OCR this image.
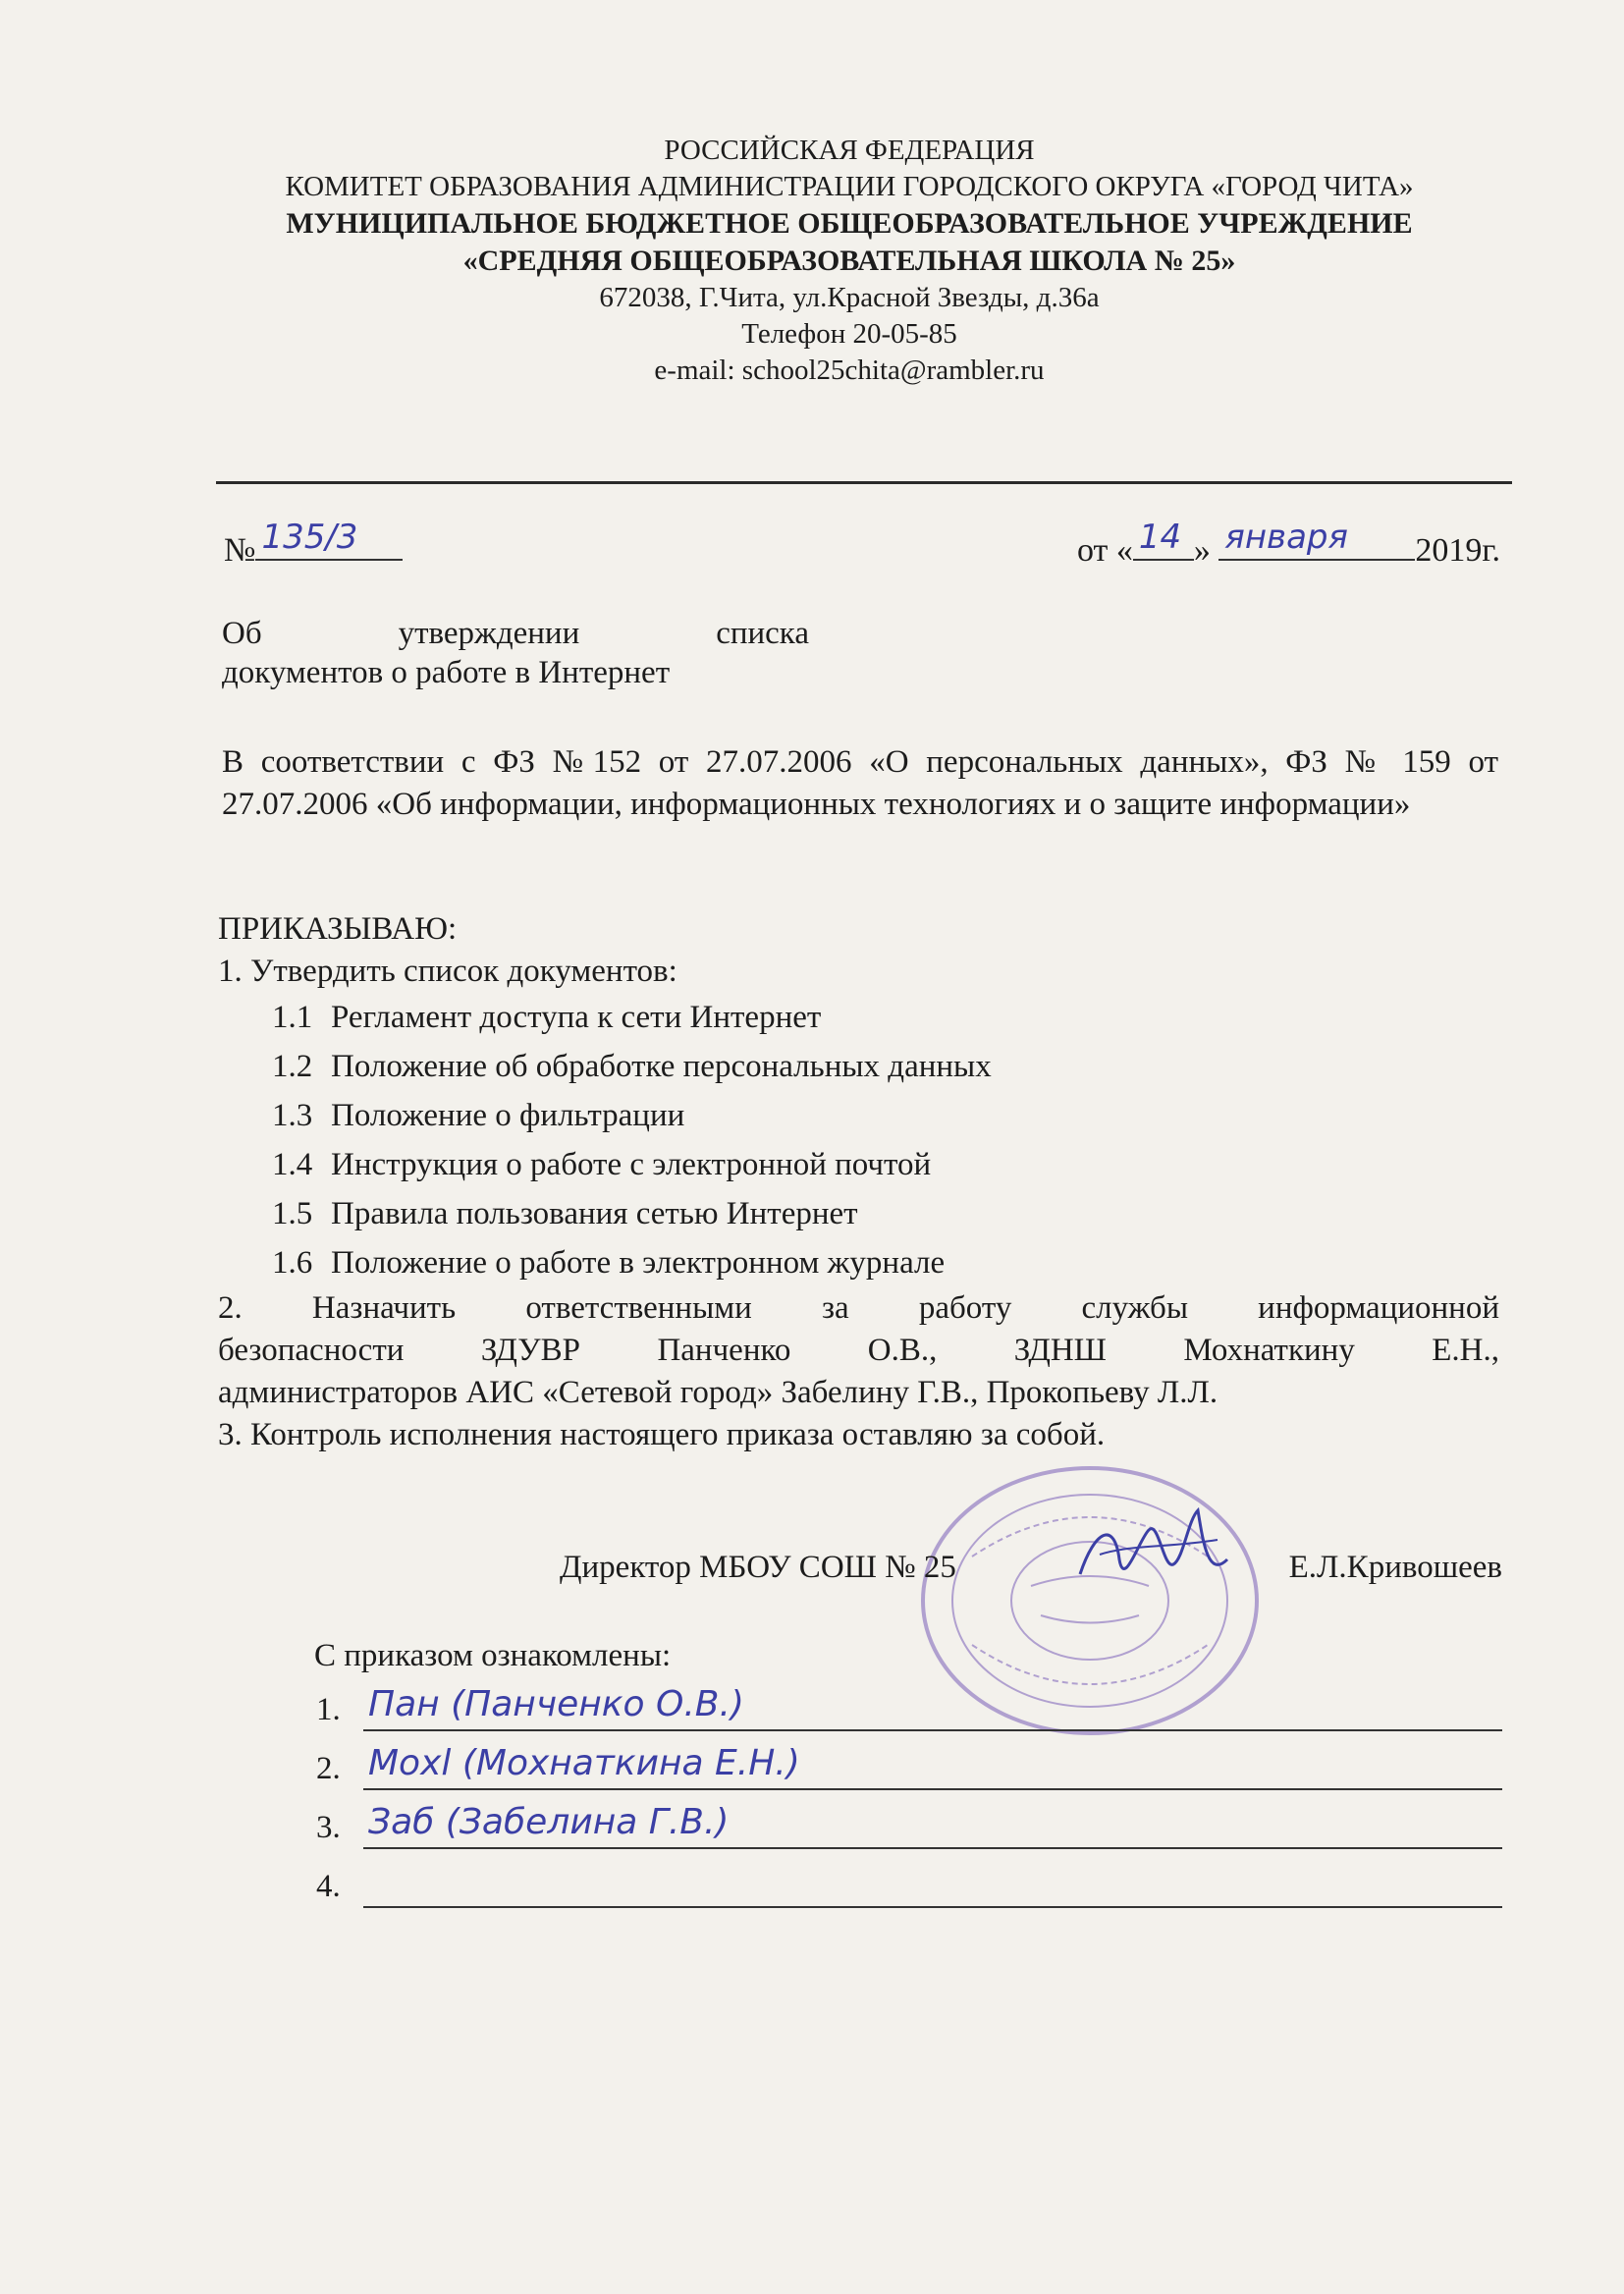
РОССИЙСКАЯ ФЕДЕРАЦИЯ
КОМИТЕТ ОБРАЗОВАНИЯ АДМИНИСТРАЦИИ ГОРОДСКОГО ОКРУГА «ГОРОД ЧИТА»
МУНИЦИПАЛЬНОЕ БЮДЖЕТНОЕ ОБЩЕОБРАЗОВАТЕЛЬНОЕ УЧРЕЖДЕНИЕ
«СРЕДНЯЯ ОБЩЕОБРАЗОВАТЕЛЬНАЯ ШКОЛА № 25»
672038, Г.Чита, ул.Красной Звезды, д.36а
Телефон 20-05-85
e-mail: school25chita@rambler.ru
№ 135/3	от « 14 » января 2019г.
Об	утверждении	списка
документов о работе в Интернет
В соответствии с ФЗ №152 от 27.07.2006 «О персональных данных», ФЗ № 159 от 27.07.2006 «Об информации, информационных технологиях и о защите информации»
ПРИКАЗЫВАЮ:
1. Утвердить список документов:
1.1 Регламент доступа к сети Интернет
1.2 Положение об обработке персональных данных
1.3 Положение о фильтрации
1.4 Инструкция о работе с электронной почтой
1.5 Правила пользования сетью Интернет
1.6 Положение о работе в электронном журнале
2. Назначить ответственными за работу службы информационной
безопасности ЗДУВР Панченко О.В., ЗДНШ Мохнаткину Е.Н.,
администраторов АИС «Сетевой город» Забелину Г.В., Прокопьеву Л.Л.
3. Контроль исполнения настоящего приказа оставляю за собой.
Директор МБОУ СОШ № 25	Е.Л.Кривошеев
С приказом ознакомлены:
1. Пан (Панченко О.В.)
2. Мохl (Мохнаткина Е.Н.)
3. Заб (Забелина Г.В.)
4.
